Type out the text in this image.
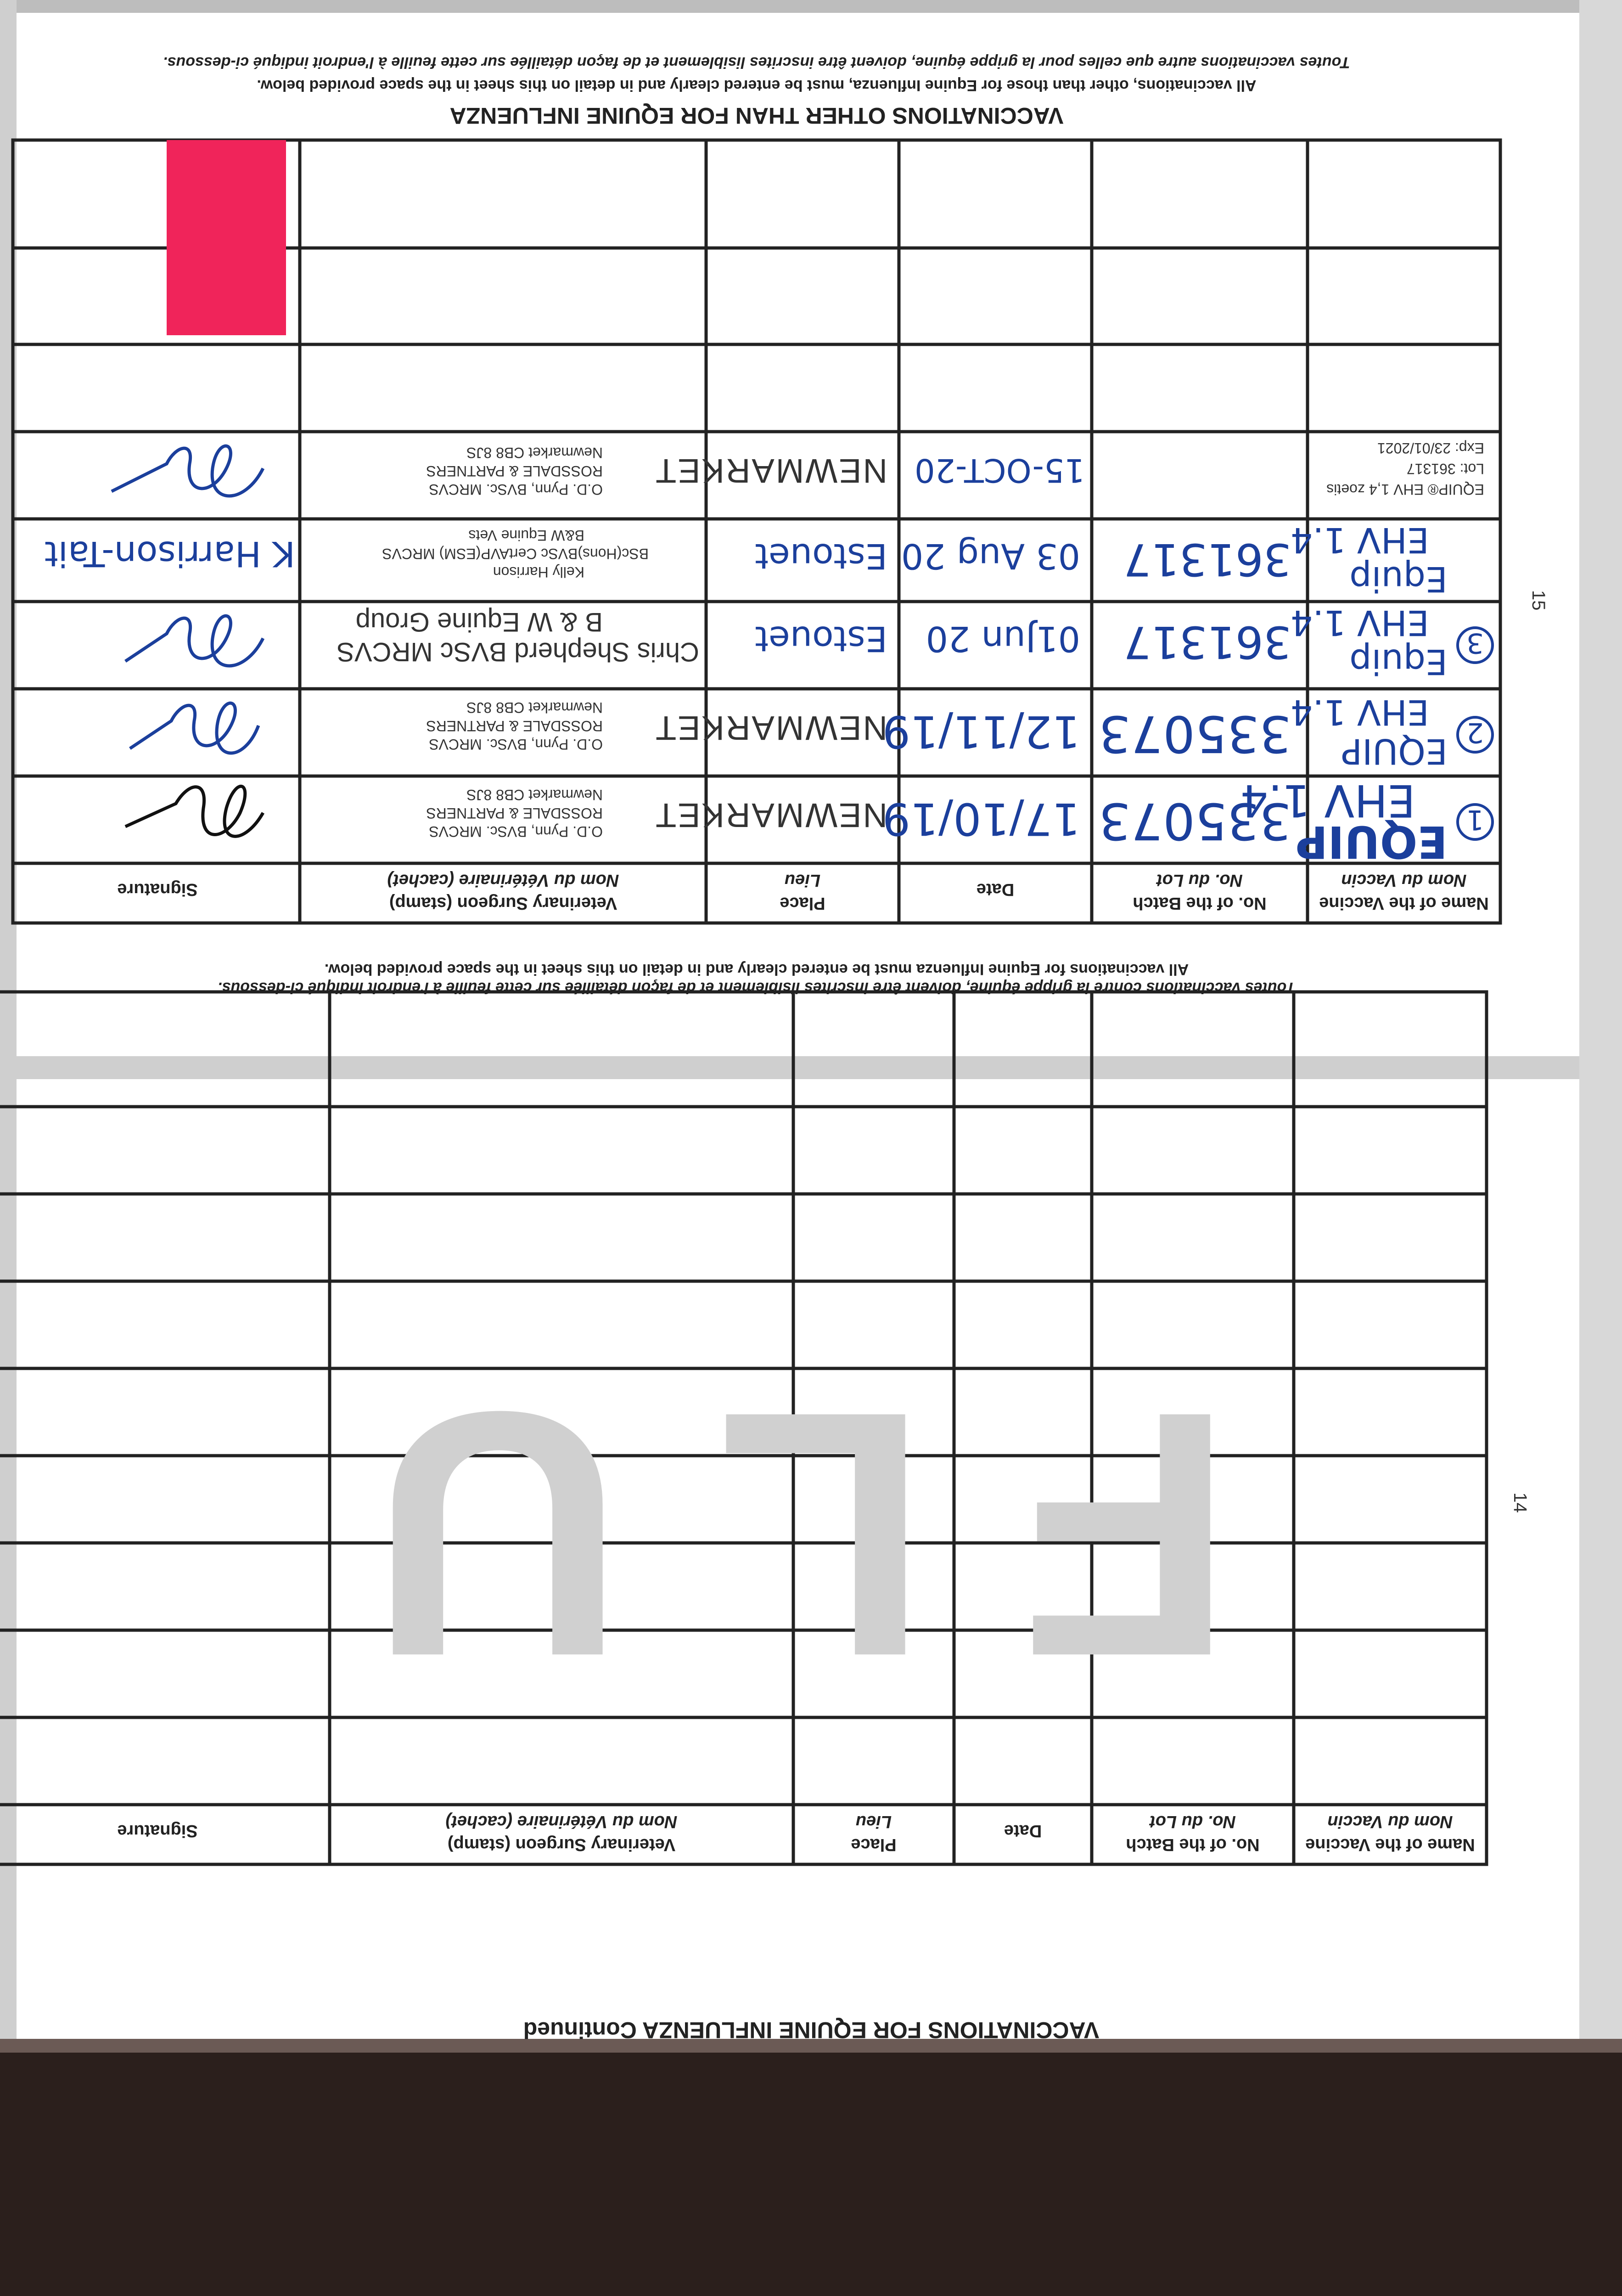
VACCINATIONS OTHER THAN FOR EQUINE INFLUENZA
All vaccinations, other than those for Equine Influenza, must be entered clearly and in detail on this sheet in the space provided below.
Toutes vaccinations autre que celles pour la grippe équine, doivent être inscrites lisiblement et de façon détaillée sur cette feuille à l'endroit indiqué ci-dessous.
Name of the Vaccine
Nom du Vaccin
No. of the Batch
No. du Lot
Date
Place
Lieu
Veterinary Surgeon (stamp)
Nom du Vétérinaire (cachet)
Signature
1
EQUIP
EHV 1.4
335073
17/10/19
NEWMARKET
O.D. Pynn, BVSc. MRCVS
ROSSDALE & PARTNERS
Newmarket CB8 8JS
2
EQUIP
EHV 1.4
335073
12/11/19
NEWMARKET
O.D. Pynn, BVSc. MRCVS
ROSSDALE & PARTNERS
Newmarket CB8 8JS
3
Equip
EHV 1.4
361317
01Jun 20
Estouet
Chris Shepherd BVSc MRCVS
B & W Equine Group
Equip
EHV 1.4
361317
03 Aug 20
Estouet
Kelly Harrison
BSc(Hons)BVSc CertAVP(ESM) MRCVS
B&W Equine Vets
K Harrison-Tait
EQUIP® EHV 1,4 zoetis
Lot: 361317
Exp: 23/01/2021
15-OCT-20
NEWMARKET
O.D. Pynn, BVSc. MRCVS
ROSSDALE & PARTNERS
Newmarket CB8 8JS
15
FLU
Name of the Vaccine
Nom du Vaccin
No. of the Batch
No. du Lot
Date
Place
Lieu
Veterinary Surgeon (stamp)
Nom du Vétérinaire (cachet)
Signature
All vaccinations for Equine Influenza must be entered clearly and in detail on this sheet in the space provided below.
Toutes vaccinations contre la grippe équine, doivent être inscrites lisiblement et de façon détaillée sur cette feuille à l'endroit indiqué ci-dessous.
14
VACCINATIONS FOR EQUINE INFLUENZA Continued
